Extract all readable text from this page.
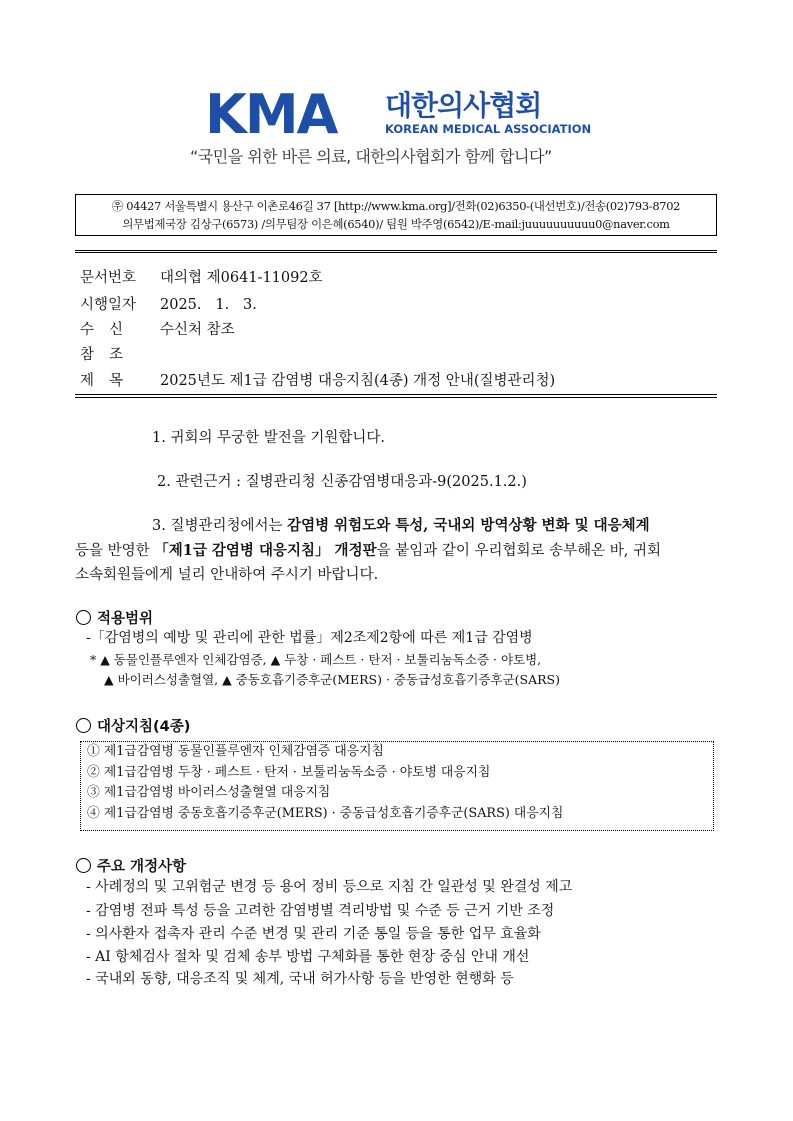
KMA 대한의사협회
KOREAN MEDICAL ASSOCIATION
“국민을 위한 바른 의료, 대한의사협회가 함께 합니다”
㉾ 04427 서울특별시 용산구 이촌로46길 37 [http://www.kma.org]/전화(02)6350-(내선번호)/전송(02)793-8702
의무법제국장 김상구(6573) /의무팀장 이은혜(6540)/ 팀원 박주영(6542)/E-mail:juuuuuuuuuu0@naver.com
문서번호 대의협 제0641-11092호
시행일자 2025.   1.   3.
수신 수신처 참조
참조
제목 2025년도 제1급 감염병 대응지침(4종) 개정 안내(질병관리청)
1. 귀회의 무궁한 발전을 기원합니다.
2. 관련근거 : 질병관리청 신종감염병대응과-9(2025.1.2.)
3. 질병관리청에서는 감염병 위험도와 특성, 국내외 방역상황 변화 및 대응체계
등을 반영한 「제1급 감염병 대응지침」 개정판을 붙임과 같이 우리협회로 송부해온 바, 귀회
소속회원들에게 널리 안내하여 주시기 바랍니다.
적용범위
-「감염병의 예방 및 관리에 관한 법률」제2조제2항에 따른 제1급 감염병
* ▲ 동물인플루엔자 인체감염증, ▲ 두창 · 페스트 · 탄저 · 보툴리눔독소증 · 야토병,
▲ 바이러스성출혈열, ▲ 중동호흡기증후군(MERS) · 중동급성호흡기증후군(SARS)
대상지침(4종)
① 제1급감염병 동물인플루엔자 인체감염증 대응지침
② 제1급감염병 두창 · 페스트 · 탄저 · 보툴리눔독소증 · 야토병 대응지침
③ 제1급감염병 바이러스성출혈열 대응지침
④ 제1급감염병 중동호흡기증후군(MERS) · 중동급성호흡기증후군(SARS) 대응지침
주요 개정사항
- 사례정의 및 고위험군 변경 등 용어 정비 등으로 지침 간 일관성 및 완결성 제고
- 감염병 전파 특성 등을 고려한 감염병별 격리방법 및 수준 등 근거 기반 조정
- 의사환자 접촉자 관리 수준 변경 및 관리 기준 통일 등을 통한 업무 효율화
- AI 항체검사 절차 및 검체 송부 방법 구체화를 통한 현장 중심 안내 개선
- 국내외 동향, 대응조직 및 체계, 국내 허가사항 등을 반영한 현행화 등
